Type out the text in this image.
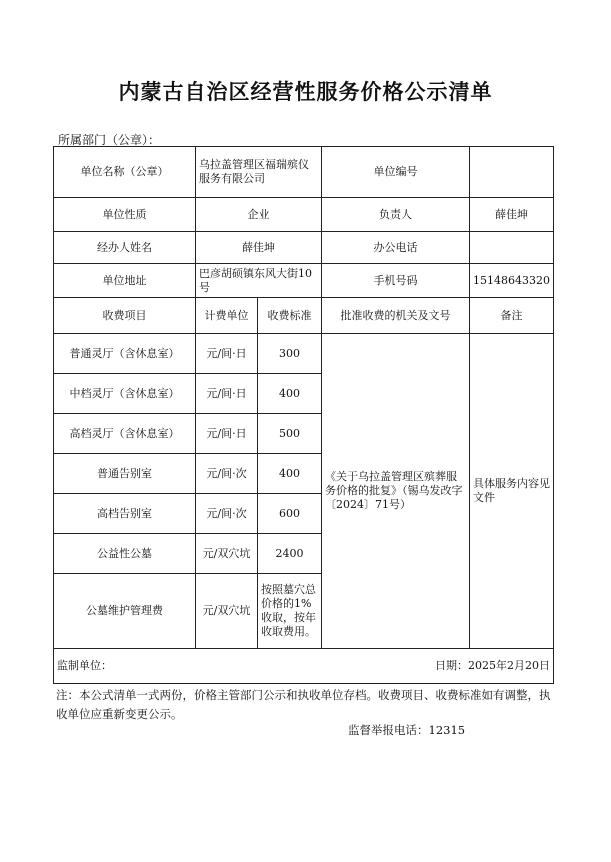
内蒙古自治区经营性服务价格公示清单
所属部门（公章）：
单位名称（公章）	乌拉盖管理区福瑞殡仪服务有限公司		单位编号	
单位性质	企业		负责人	薛佳坤
经办人姓名	薛佳坤		办公电话	
单位地址	巴彦胡硕镇东风大街10号		手机号码	15148643320
收费项目	计费单位	收费标准	批准收费的机关及文号	备注
普通灵厅（含休息室）	元/间·日	300	《关于乌拉盖管理区殡葬服务价格的批复》（锡乌发改字〔2024〕71号）	具体服务内容见文件
中档灵厅（含休息室）	元/间·日	400		
高档灵厅（含休息室）	元/间·日	500		
普通告别室	元/间·次	400		
高档告别室	元/间·次	600		
公益性公墓	元/双穴坑	2400		
公墓维护管理费	元/双穴坑	按照墓穴总价格的1%收取，按年收取费用。		

监制单位： 日期：2025年2月20日				
注：本公式清单一式两份，价格主管部门公示和执收单位存档。收费项目、收费标准如有调整，执收单位应重新变更公示。
监督举报电话：12315
